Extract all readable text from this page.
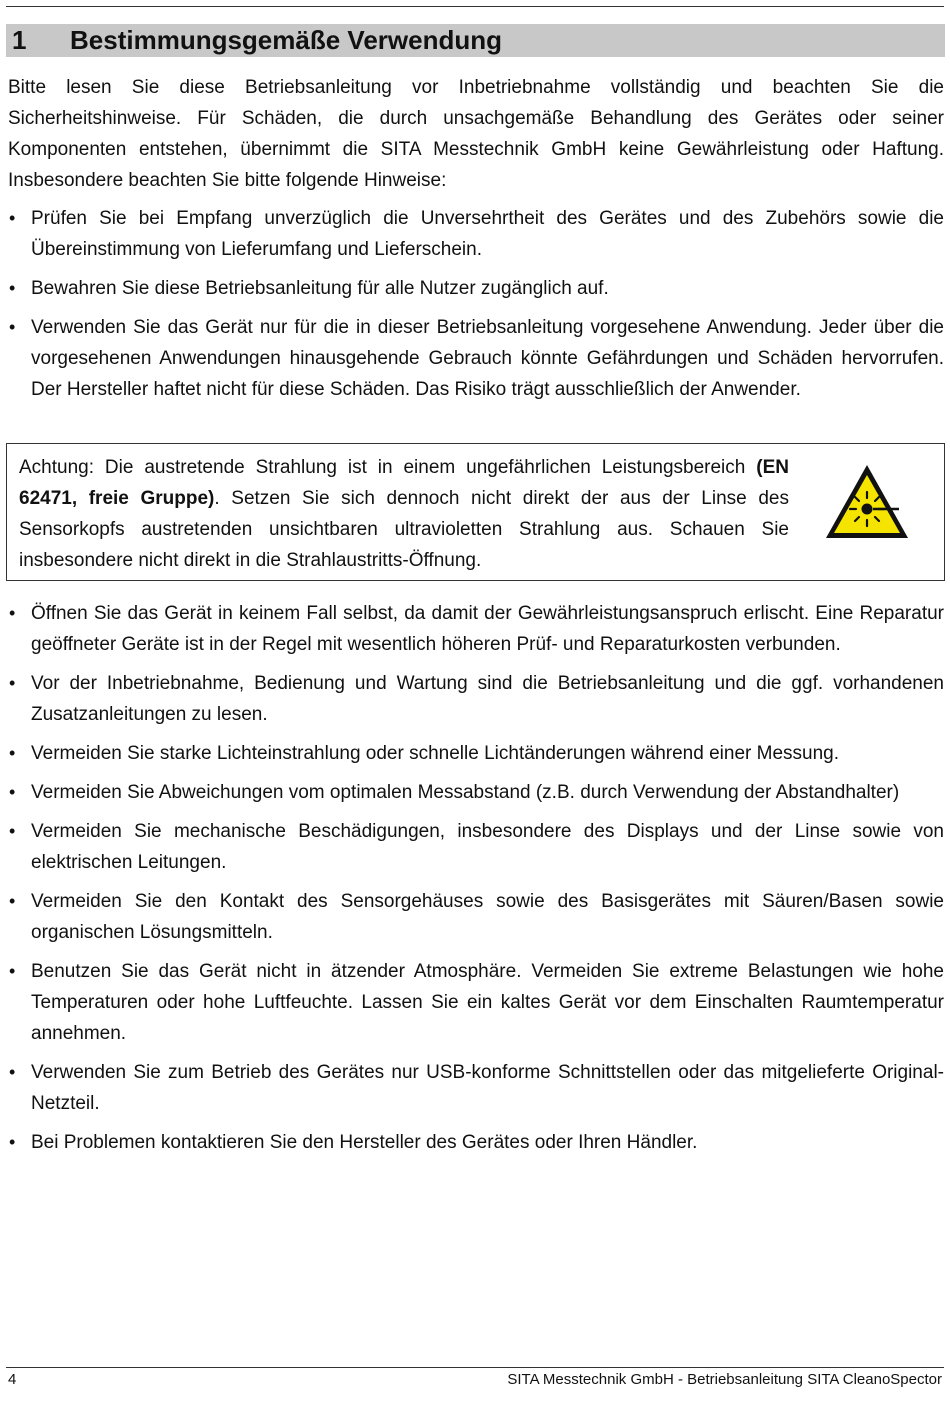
1	Bestimmungsgemäße Verwendung

Bitte lesen Sie diese Betriebsanleitung vor Inbetriebnahme vollständig und beachten Sie die Sicherheitshinweise. Für Schäden, die durch unsachgemäße Behandlung des Gerätes oder seiner Komponenten entstehen, übernimmt die SITA Messtechnik GmbH keine Gewährleistung oder Haftung. Insbesondere beachten Sie bitte folgende Hinweise:

• Prüfen Sie bei Empfang unverzüglich die Unversehrtheit des Gerätes und des Zubehörs sowie die Übereinstimmung von Lieferumfang und Lieferschein.
• Bewahren Sie diese Betriebsanleitung für alle Nutzer zugänglich auf.
• Verwenden Sie das Gerät nur für die in dieser Betriebsanleitung vorgesehene Anwendung. Jeder über die vorgesehenen Anwendungen hinausgehende Gebrauch könnte Gefährdungen und Schäden hervorrufen. Der Hersteller haftet nicht für diese Schäden. Das Risiko trägt ausschließlich der Anwender.
Achtung: Die austretende Strahlung ist in einem ungefährlichen Leistungsbereich (EN 62471, freie Gruppe). Setzen Sie sich dennoch nicht direkt der aus der Linse des Sensorkopfs austretenden unsichtbaren ultravioletten Strahlung aus. Schauen Sie insbesondere nicht direkt in die Strahlaustritts-Öffnung.
• Öffnen Sie das Gerät in keinem Fall selbst, da damit der Gewährleistungsanspruch erlischt. Eine Reparatur geöffneter Geräte ist in der Regel mit wesentlich höheren Prüf- und Reparaturkosten verbunden.
• Vor der Inbetriebnahme, Bedienung und Wartung sind die Betriebsanleitung und die ggf. vorhandenen Zusatzanleitungen zu lesen.
• Vermeiden Sie starke Lichteinstrahlung oder schnelle Lichtänderungen während einer Messung.
• Vermeiden Sie Abweichungen vom optimalen Messabstand (z.B. durch Verwendung der Abstandhalter)
• Vermeiden Sie mechanische Beschädigungen, insbesondere des Displays und der Linse sowie von elektrischen Leitungen.
• Vermeiden Sie den Kontakt des Sensorgehäuses sowie des Basisgerätes mit Säuren/Basen sowie organischen Lösungsmitteln.
• Benutzen Sie das Gerät nicht in ätzender Atmosphäre. Vermeiden Sie extreme Belastungen wie hohe Temperaturen oder hohe Luftfeuchte. Lassen Sie ein kaltes Gerät vor dem Einschalten Raumtemperatur annehmen.
• Verwenden Sie zum Betrieb des Gerätes nur USB-konforme Schnittstellen oder das mitgelieferte Original-Netzteil.
• Bei Problemen kontaktieren Sie den Hersteller des Gerätes oder Ihren Händler.
4	SITA Messtechnik GmbH - Betriebsanleitung SITA CleanoSpector
